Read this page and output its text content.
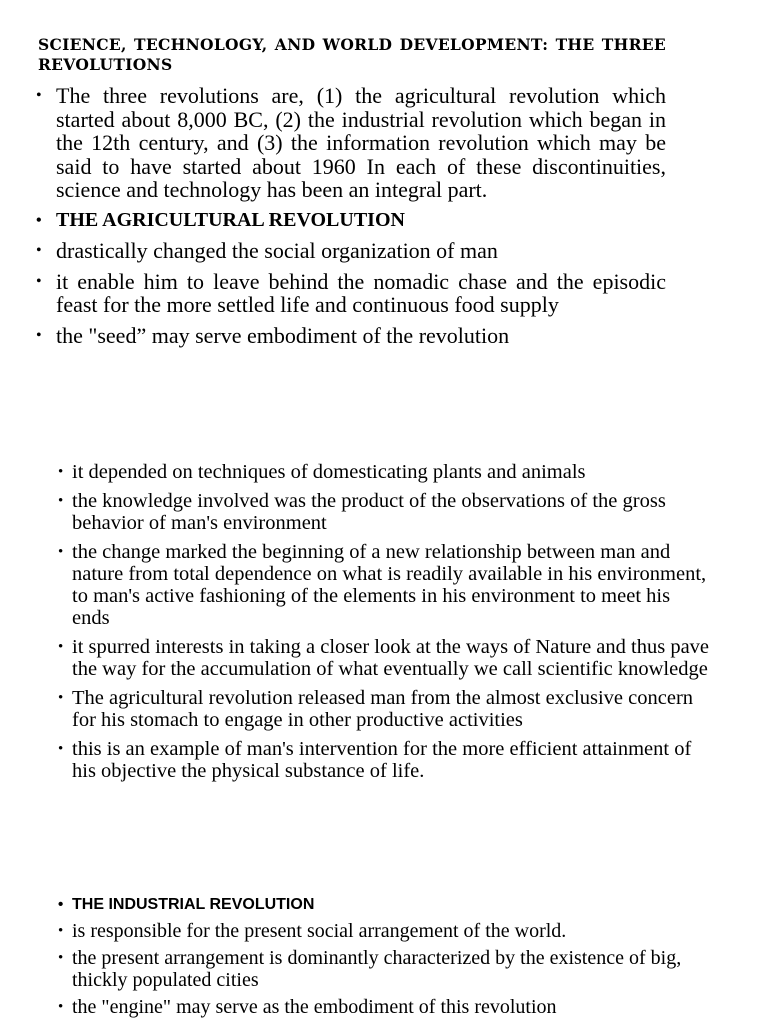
SCIENCE, TECHNOLOGY, AND WORLD DEVELOPMENT: THE THREE REVOLUTIONS
• The three revolutions are, (1) the agricultural revolution which started about 8,000 BC, (2) the industrial revolution which began in the 12th century, and (3) the information revolution which may be said to have started about 1960 In each of these discontinuities, science and technology has been an integral part.
• THE AGRICULTURAL REVOLUTION
• drastically changed the social organization of man
• it enable him to leave behind the nomadic chase and the episodic feast for the more settled life and continuous food supply
• the "seed” may serve embodiment of the revolution
• it depended on techniques of domesticating plants and animals
• the knowledge involved was the product of the observations of the gross behavior of man's environment
• the change marked the beginning of a new relationship between man and nature from total dependence on what is readily available in his environment, to man's active fashioning of the elements in his environment to meet his ends
• it spurred interests in taking a closer look at the ways of Nature and thus pave the way for the accumulation of what eventually we call scientific knowledge
• The agricultural revolution released man from the almost exclusive concern for his stomach to engage in other productive activities
• this is an example of man's intervention for the more efficient attainment of his objective the physical substance of life.
• THE INDUSTRIAL REVOLUTION
• is responsible for the present social arrangement of the world.
• the present arrangement is dominantly characterized by the existence of big, thickly populated cities
• the "engine" may serve as the embodiment of this revolution
